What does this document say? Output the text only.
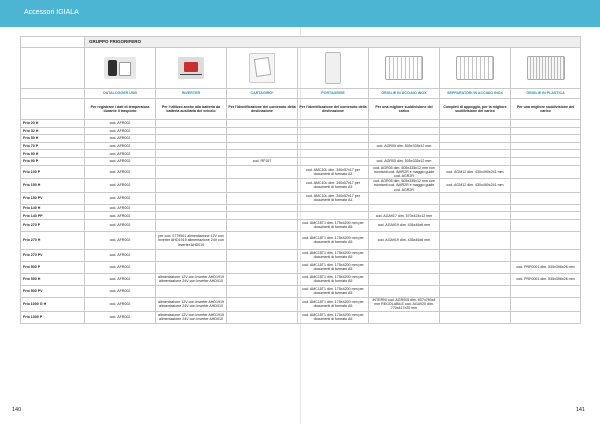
Accessori IGIALA
	GRUPPO FRIGORIFERO						

	DATALOGGER USB	INVERTER	CARTAGIRO*	PORTAGRISE	GRIGLIE IN ACCIAIO INOX	SEPPARATORI IN ACCIAIO INOX	GRIGLIE IN PLASTICA
	Per registrare i dati di temperatura durante il trasporto	Per l'utilizzo anche alla batteria da batteria ausiliaria del veicolo	Per l'identificazione del contenuto della destinazione	Per l'identificazione del contenuto della destinazione	Per una migliore suddivisione del carico	Completi di appoggio, per la migliore suddivisione del carico	Per una migliore suddivisione del carico
Frio 20 H	cod. AFR002						
Frio 32 H	cod. AFR002						
Frio 50 H	cod. AFR002						
Frio 70 P	cod. AFR002				cod. AGR05 dim. 505x335x12 mm		
Frio 90 H	cod. AFR002						
Frio 90 P	cod. AFR002		cod. RF157		cod. AGR05 dim. 505x335x12 mm		
Frio 100 P	cod. AFR002			cod. AMC10L dim. 340x57x17 per documenti di formato A3	cod. AGR05 dim. 505x335x12 mm con montanti cod. AMR2R e maggio guide cod. AGR2R	cod. AGM12 dim. 430x490x241 mm	
Frio 150 H	cod. AFR002			cod. AMC10L dim. 340x57x17 per documenti di formato A3	cod. AGR05 dim. 505x335x12 mm con montanti cod. AMR2R e maggio guide cod. AGR2R	cod. AGM12 dim. 430x490x241 mm	
Frio 150 PV	cod. AFR002			cod. AMC10L dim. 340x57x17 per documenti di formato A3			
Frio 140 H	cod. AFR002						
Frio 140 PP	cod. AFR002				cod. AGA917 dim. 570x424x12 mm		
Frio 270 P	cod. AFR002			cod. AMC15T1 dim. 175x4200 mm per documenti di formato A5	cod. AGA919 dim. 436x46x6 mm		
Frio 270 H	cod. AFR002	per cod. 0779501 alimentazione 12V con Inverter AHD1919 alimentazione 24V con Inverter AHD010		cod. AMC15T1 dim. 175x4200 mm per documenti di formato A5	cod. AGA919 dim. 436x46x6 mm		
Frio 270 PV	cod. AFR002			cod. AMC15T1 dim. 175x4200 mm per documenti di formato A5			
Frio 500 P	cod. AFR002			cod. AMC15T1 dim. 175x4200 mm per documenti di formato A5			cod. PRF0001 dim. 535x396x26 mm
Frio 500 H	cod. AFR002	alimentazione 12V con Inverter AHD1919 alimentazione 24V con Inverter AHD010		cod. AMC15T1 dim. 175x4200 mm per documenti di formato A5			cod. PRF0001 dim. 535x396x26 mm
Frio 500 PV	cod. AFR002			cod. AMC15T1 dim. 175x4200 mm per documenti di formato A5			
Frio 1000 G H	cod. AFR002	alimentazione 12V con Inverter AHD1919 alimentazione 24V con Inverter AHD010		cod. AMC15T1 dim. 175x4200 mm per documenti di formato A5	INTERNI cod. AGR005 dim. 607x790x4 mm REGOLABILE cod. AGA920 dim. 770x417x20 mm		
Frio 1300 P	cod. AFR002	alimentazione 12V con Inverter AHD1919 alimentazione 24V con Inverter AHD010		cod. AMC15T1 dim. 175x4200 mm per documenti di formato A5			
140	141
